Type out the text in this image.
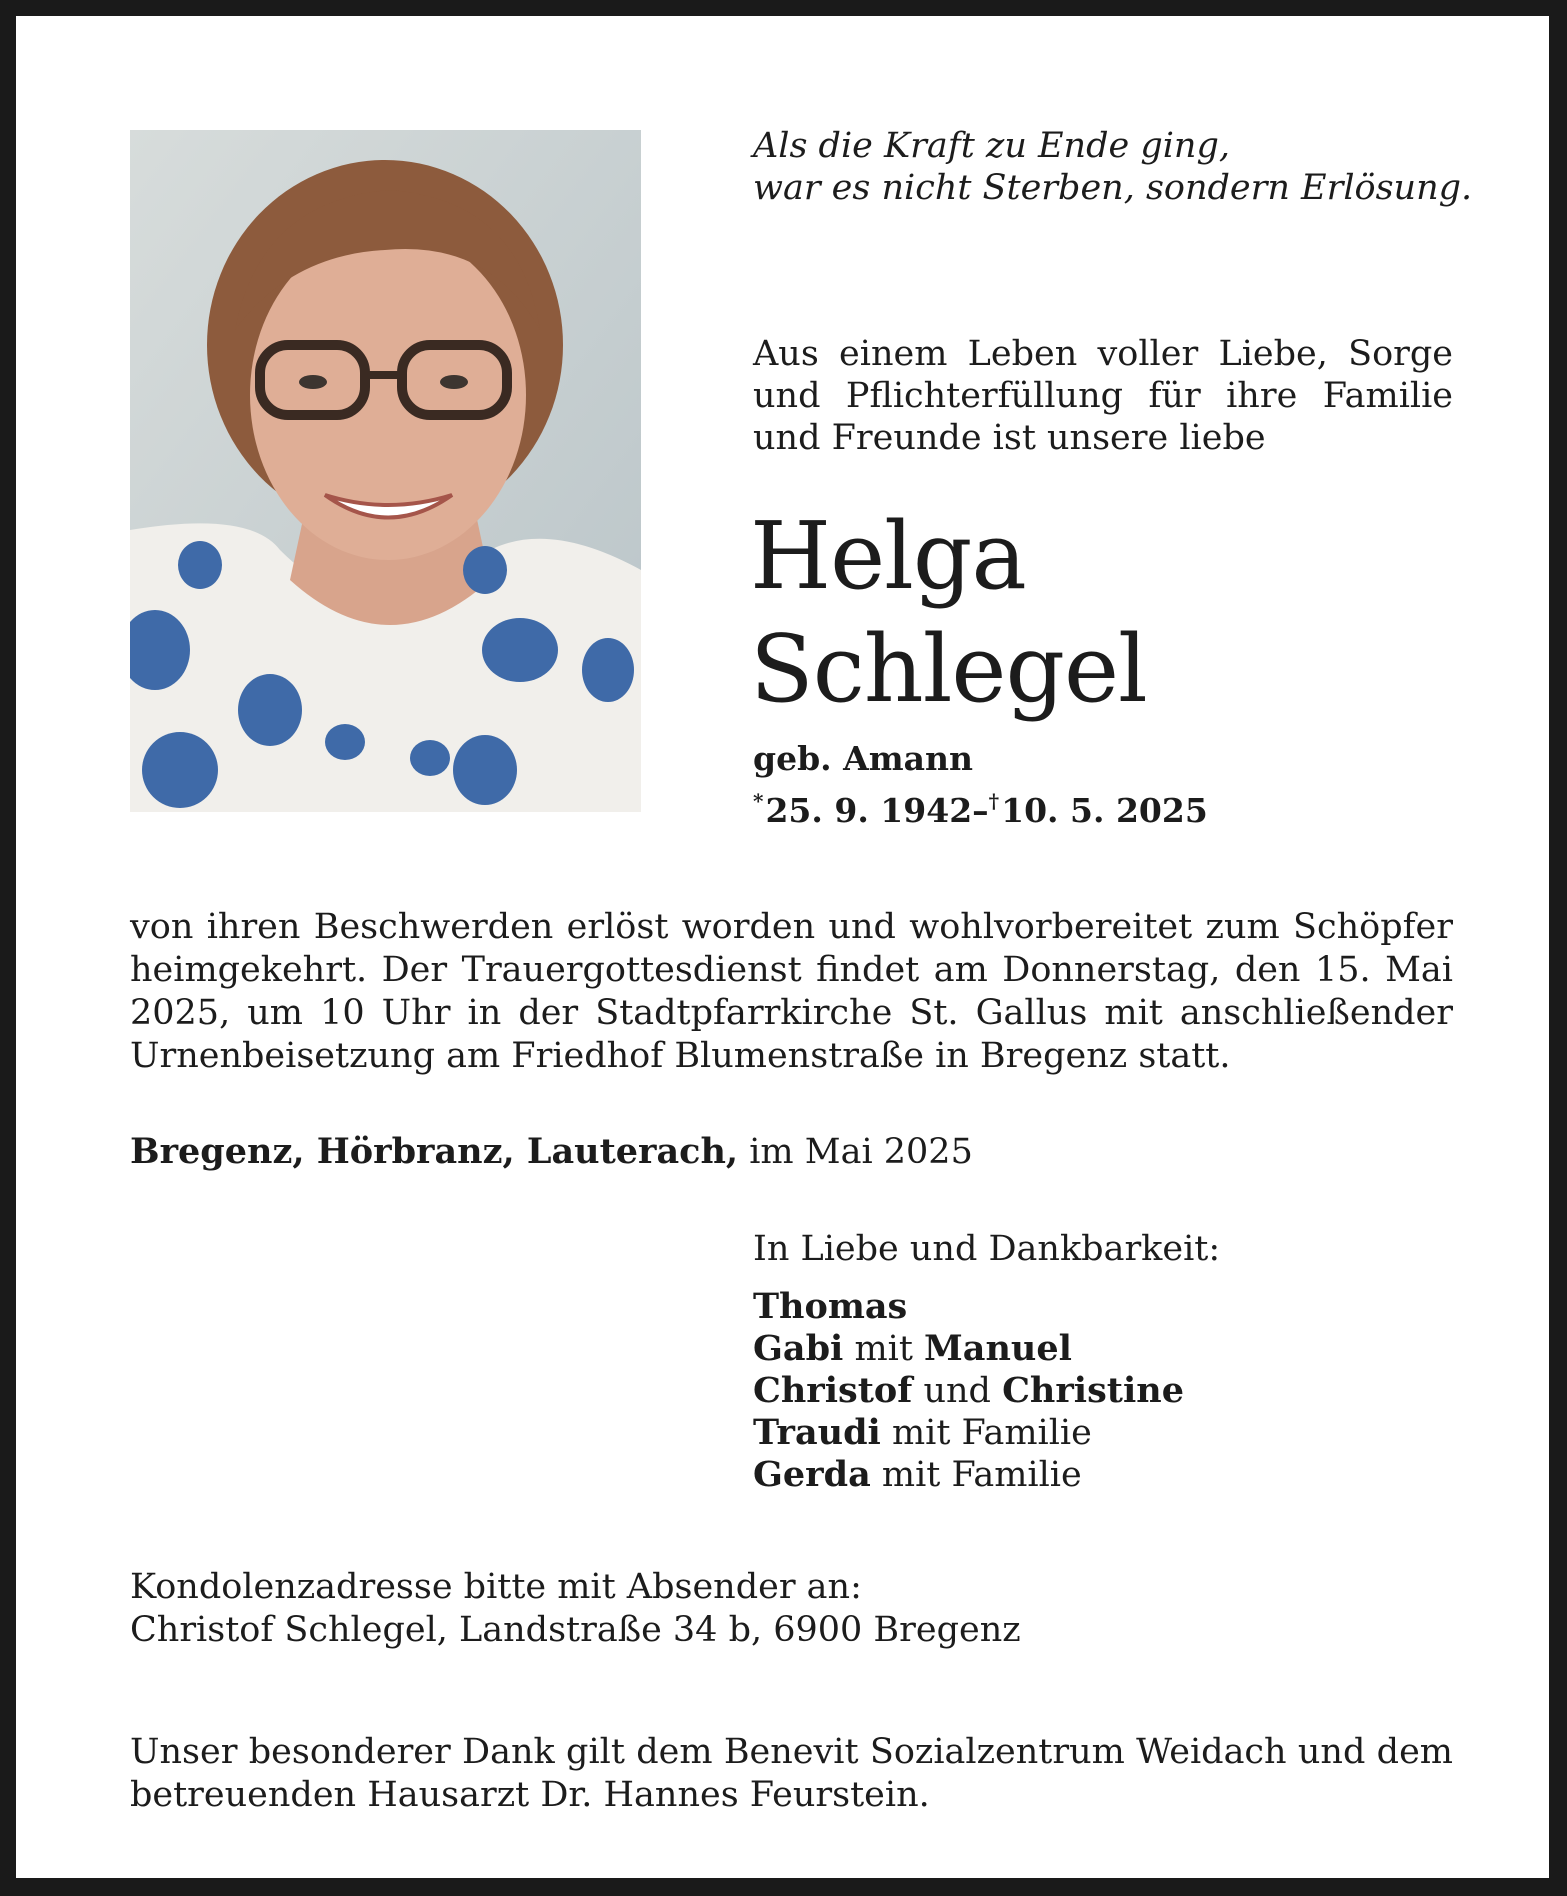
Als die Kraft zu Ende ging,
war es nicht Sterben, sondern Erlösung.
Aus einem Leben voller Liebe, Sorge und Pflichterfüllung für ihre Familie und Freunde ist unsere liebe
Helga
Schlegel
geb. Amann
*25. 9. 1942–†10. 5. 2025
von ihren Beschwerden erlöst worden und wohlvorbereitet zum Schöpfer heimgekehrt. Der Trauergottesdienst findet am Donnerstag, den 15. Mai 2025, um 10 Uhr in der Stadtpfarrkirche St. Gallus mit anschließender Urnenbeisetzung am Friedhof Blumenstraße in Bregenz statt.
Bregenz, Hörbranz, Lauterach, im Mai 2025
In Liebe und Dankbarkeit:
Thomas
Gabi mit Manuel
Christof und Christine
Traudi mit Familie
Gerda mit Familie
Kondolenzadresse bitte mit Absender an:
Christof Schlegel, Landstraße 34 b, 6900 Bregenz
Unser besonderer Dank gilt dem Benevit Sozialzentrum Weidach und dem betreuenden Hausarzt Dr. Hannes Feurstein.
